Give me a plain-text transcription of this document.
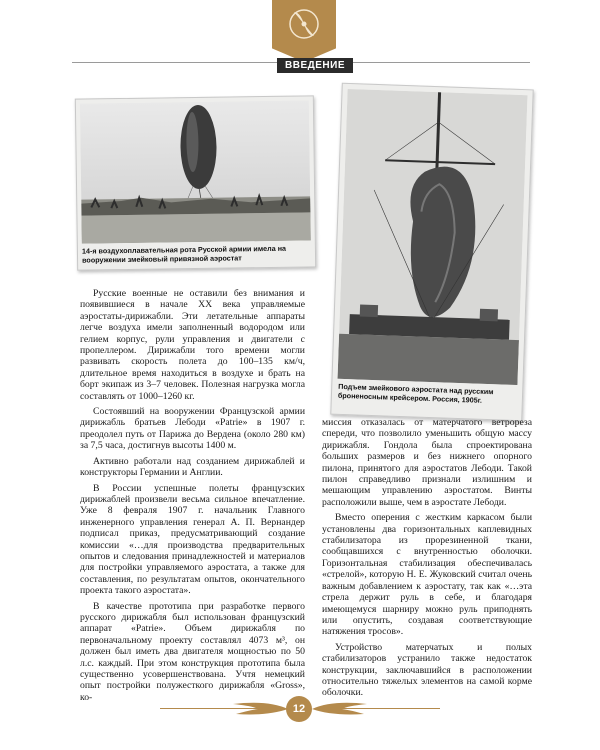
ВВЕДЕНИЕ
14-я воздухоплавательная рота Русской армии имела на вооружении змейковый привязной аэростат
Подъем змейкового аэростата над русским броненосным крейсером. Россия, 1905г.

Русские военные не оставили без внимания и появившиеся в начале XX века управляемые аэростаты-дирижабли. Эти летательные аппараты легче воздуха имели заполненный водородом или гелием корпус, рули управления и двигатели с пропеллером. Дирижабли того времени могли развивать скорость полета до 100–135 км/ч, длительное время находиться в воздухе и брать на борт экипаж из 3–7 человек. Полезная нагрузка могла составлять от 1000–1260 кг.

Состоявший на вооружении Французской армии дирижабль братьев Лебоди «Patrie» в 1907 г. преодолел путь от Парижа до Вердена (около 280 км) за 7,5 часа, достигнув высоты 1400 м.

Активно работали над созданием дирижаблей и конструкторы Германии и Англии.

В России успешные полеты французских дирижаблей произвели весьма сильное впечатление. Уже 8 февраля 1907 г. начальник Главного инженерного управления генерал А. П. Вернандер подписал приказ, предусматривающий создание комиссии «…для производства предварительных опытов и следования принадлежностей и материалов для постройки управляемого аэростата, а также для составления, по результатам опытов, окончательного проекта такого аэростата».

В качестве прототипа при разработке первого русского дирижабля был использован французский аппарат «Patrie». Объем дирижабля по первоначальному проекту составлял 4073 м³, он должен был иметь два двигателя мощностью по 50 л.с. каждый. При этом конструкция прототипа была существенно усовершенствована. Учтя немецкий опыт постройки полужесткого дирижабля «Gross», ко-

миссия отказалась от матерчатого ветрореза спереди, что позволило уменьшить общую массу дирижабля. Гондола была спроектирована больших размеров и без нижнего опорного пилона, принятого для аэростатов Лебоди. Такой пилон справедливо признали излишним и мешающим управлению аэростатом. Винты расположили выше, чем в аэростате Лебоди.

Вместо оперения с жестким каркасом были установлены два горизонтальных каплевидных стабилизатора из прорезиненной ткани, сообщавшихся с внутренностью оболочки. Горизонтальная стабилизация обеспечивалась «стрелой», которую Н. Е. Жуковский считал очень важным добавлением к аэростату, так как «…эта стрела держит руль в себе, и благодаря имеющемуся шарниру можно руль приподнять или опустить, создавая соответствующие натяжения тросов».

Устройство матерчатых и полых стабилизаторов устранило также недостаток конструкции, заключавшийся в расположении относительно тяжелых элементов на самой корме оболочки.

12
